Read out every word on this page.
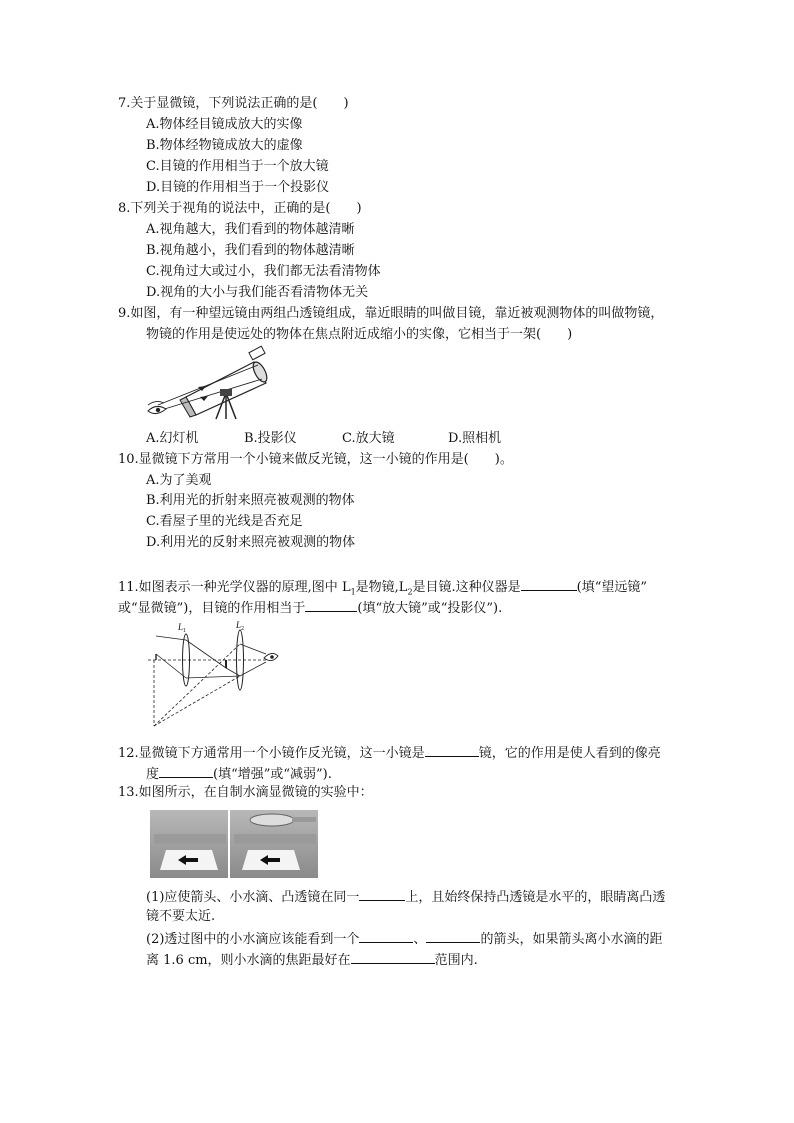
7.关于显微镜，下列说法正确的是(　　)
A.物体经目镜成放大的实像
B.物体经物镜成放大的虚像
C.目镜的作用相当于一个放大镜
D.目镜的作用相当于一个投影仪
8.下列关于视角的说法中，正确的是(　　)
A.视角越大，我们看到的物体越清晰
B.视角越小，我们看到的物体越清晰
C.视角过大或过小，我们都无法看清物体
D.视角的大小与我们能否看清物体无关
9.如图，有一种望远镜由两组凸透镜组成，靠近眼睛的叫做目镜，靠近被观测物体的叫做物镜，
物镜的作用是使远处的物体在焦点附近成缩小的实像，它相当于一架(　　)
A.幻灯机	B.投影仪	C.放大镜	D.照相机
10.显微镜下方常用一个小镜来做反光镜，这一小镜的作用是(　　)。
A.为了美观
B.利用光的折射来照亮被观测的物体
C.看屋子里的光线是否充足
D.利用光的反射来照亮被观测的物体
11.如图表示一种光学仪器的原理,图中 $L_1$是物镜$,L_2$是目镜.这种仪器是	(填“望远镜”
或“显微镜”)，目镜的作用相当于	(填“放大镜”或“投影仪”).
L 1
L 2
12.显微镜下方通常用一个小镜作反光镜，这一小镜是	镜，它的作用是使人看到的像亮
度	(填“增强”或“减弱”).
13.如图所示，在自制水滴显微镜的实验中：
(1)应使箭头、小水滴、凸透镜在同一	上，且始终保持凸透镜是水平的，眼睛离凸透
镜不要太近.
(2)透过图中的小水滴应该能看到一个	、	的箭头，如果箭头离小水滴的距
离 1.6 cm，则小水滴的焦距最好在	范围内.
